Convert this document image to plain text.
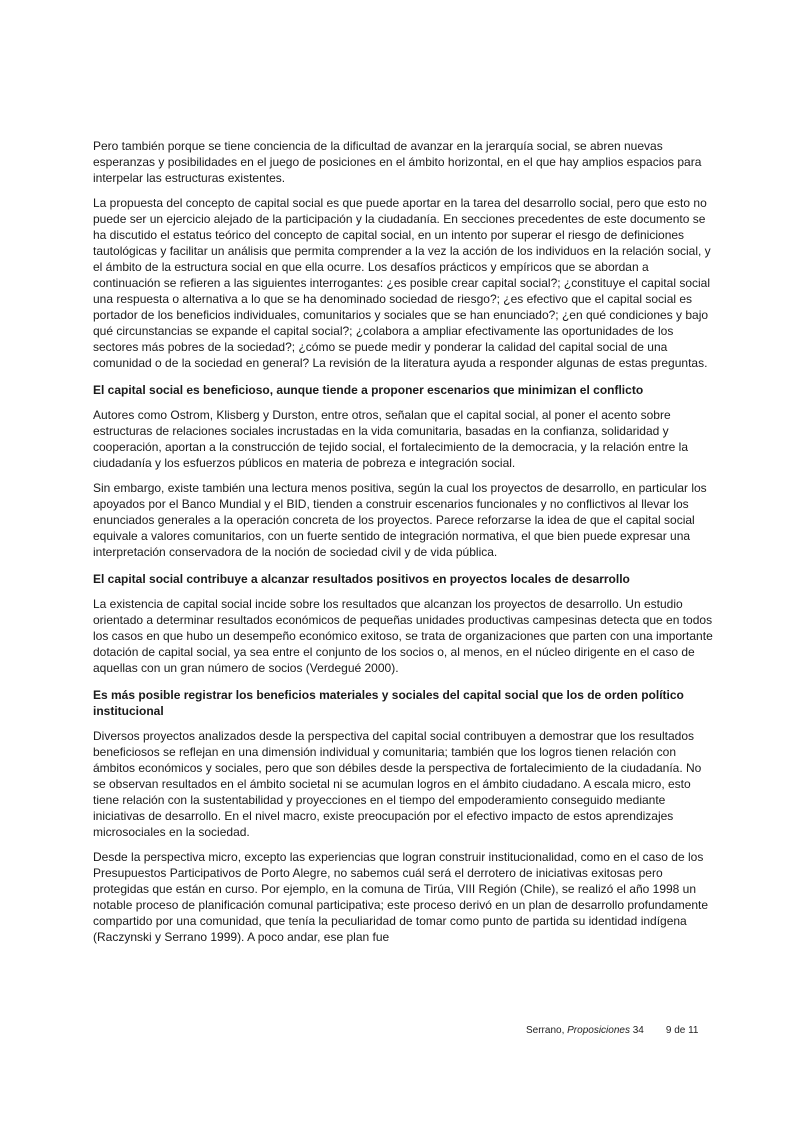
Pero también porque se tiene conciencia de la dificultad de avanzar en la jerarquía social, se abren nuevas esperanzas y posibilidades en el juego de posiciones en el ámbito horizontal, en el que hay amplios espacios para interpelar las estructuras existentes.

La propuesta del concepto de capital social es que puede aportar en la tarea del desarrollo social, pero que esto no puede ser un ejercicio alejado de la participación y la ciudadanía. En secciones precedentes de este documento se ha discutido el estatus teórico del concepto de capital social, en un intento por superar el riesgo de definiciones tautológicas y facilitar un análisis que permita comprender a la vez la acción de los individuos en la relación social, y el ámbito de la estructura social en que ella ocurre. Los desafíos prácticos y empíricos que se abordan a continuación se refieren a las siguientes interrogantes: ¿es posible crear capital social?; ¿constituye el capital social una respuesta o alternativa a lo que se ha denominado sociedad de riesgo?; ¿es efectivo que el capital social es portador de los beneficios individuales, comunitarios y sociales que se han enunciado?; ¿en qué condiciones y bajo qué circunstancias se expande el capital social?; ¿colabora a ampliar efectivamente las oportunidades de los sectores más pobres de la sociedad?; ¿cómo se puede medir y ponderar la calidad del capital social de una comunidad o de la sociedad en general? La revisión de la literatura ayuda a responder algunas de estas preguntas.

El capital social es beneficioso, aunque tiende a proponer escenarios que minimizan el conflicto

Autores como Ostrom, Klisberg y Durston, entre otros, señalan que el capital social, al poner el acento sobre estructuras de relaciones sociales incrustadas en la vida comunitaria, basadas en la confianza, solidaridad y cooperación, aportan a la construcción de tejido social, el fortalecimiento de la democracia, y la relación entre la ciudadanía y los esfuerzos públicos en materia de pobreza e integración social.

Sin embargo, existe también una lectura menos positiva, según la cual los proyectos de desarrollo, en particular los apoyados por el Banco Mundial y el BID, tienden a construir escenarios funcionales y no conflictivos al llevar los enunciados generales a la operación concreta de los proyectos. Parece reforzarse la idea de que el capital social equivale a valores comunitarios, con un fuerte sentido de integración normativa, el que bien puede expresar una interpretación conservadora de la noción de sociedad civil y de vida pública.

El capital social contribuye a alcanzar resultados positivos en proyectos locales de desarrollo

La existencia de capital social incide sobre los resultados que alcanzan los proyectos de desarrollo. Un estudio orientado a determinar resultados económicos de pequeñas unidades productivas campesinas detecta que en todos los casos en que hubo un desempeño económico exitoso, se trata de organizaciones que parten con una importante dotación de capital social, ya sea entre el conjunto de los socios o, al menos, en el núcleo dirigente en el caso de aquellas con un gran número de socios (Verdegué 2000).

Es más posible registrar los beneficios materiales y sociales del capital social que los de orden político institucional

Diversos proyectos analizados desde la perspectiva del capital social contribuyen a demostrar que los resultados beneficiosos se reflejan en una dimensión individual y comunitaria; también que los logros tienen relación con ámbitos económicos y sociales, pero que son débiles desde la perspectiva de fortalecimiento de la ciudadanía. No se observan resultados en el ámbito societal ni se acumulan logros en el ámbito ciudadano. A escala micro, esto tiene relación con la sustentabilidad y proyecciones en el tiempo del empoderamiento conseguido mediante iniciativas de desarrollo. En el nivel macro, existe preocupación por el efectivo impacto de estos aprendizajes microsociales en la sociedad.

Desde la perspectiva micro, excepto las experiencias que logran construir institucionalidad, como en el caso de los Presupuestos Participativos de Porto Alegre, no sabemos cuál será el derrotero de iniciativas exitosas pero protegidas que están en curso. Por ejemplo, en la comuna de Tirúa, VIII Región (Chile), se realizó el año 1998 un notable proceso de planificación comunal participativa; este proceso derivó en un plan de desarrollo profundamente compartido por una comunidad, que tenía la peculiaridad de tomar como punto de partida su identidad indígena (Raczynski y Serrano 1999). A poco andar, ese plan fue

Serrano, Proposiciones 34 9 de 11
